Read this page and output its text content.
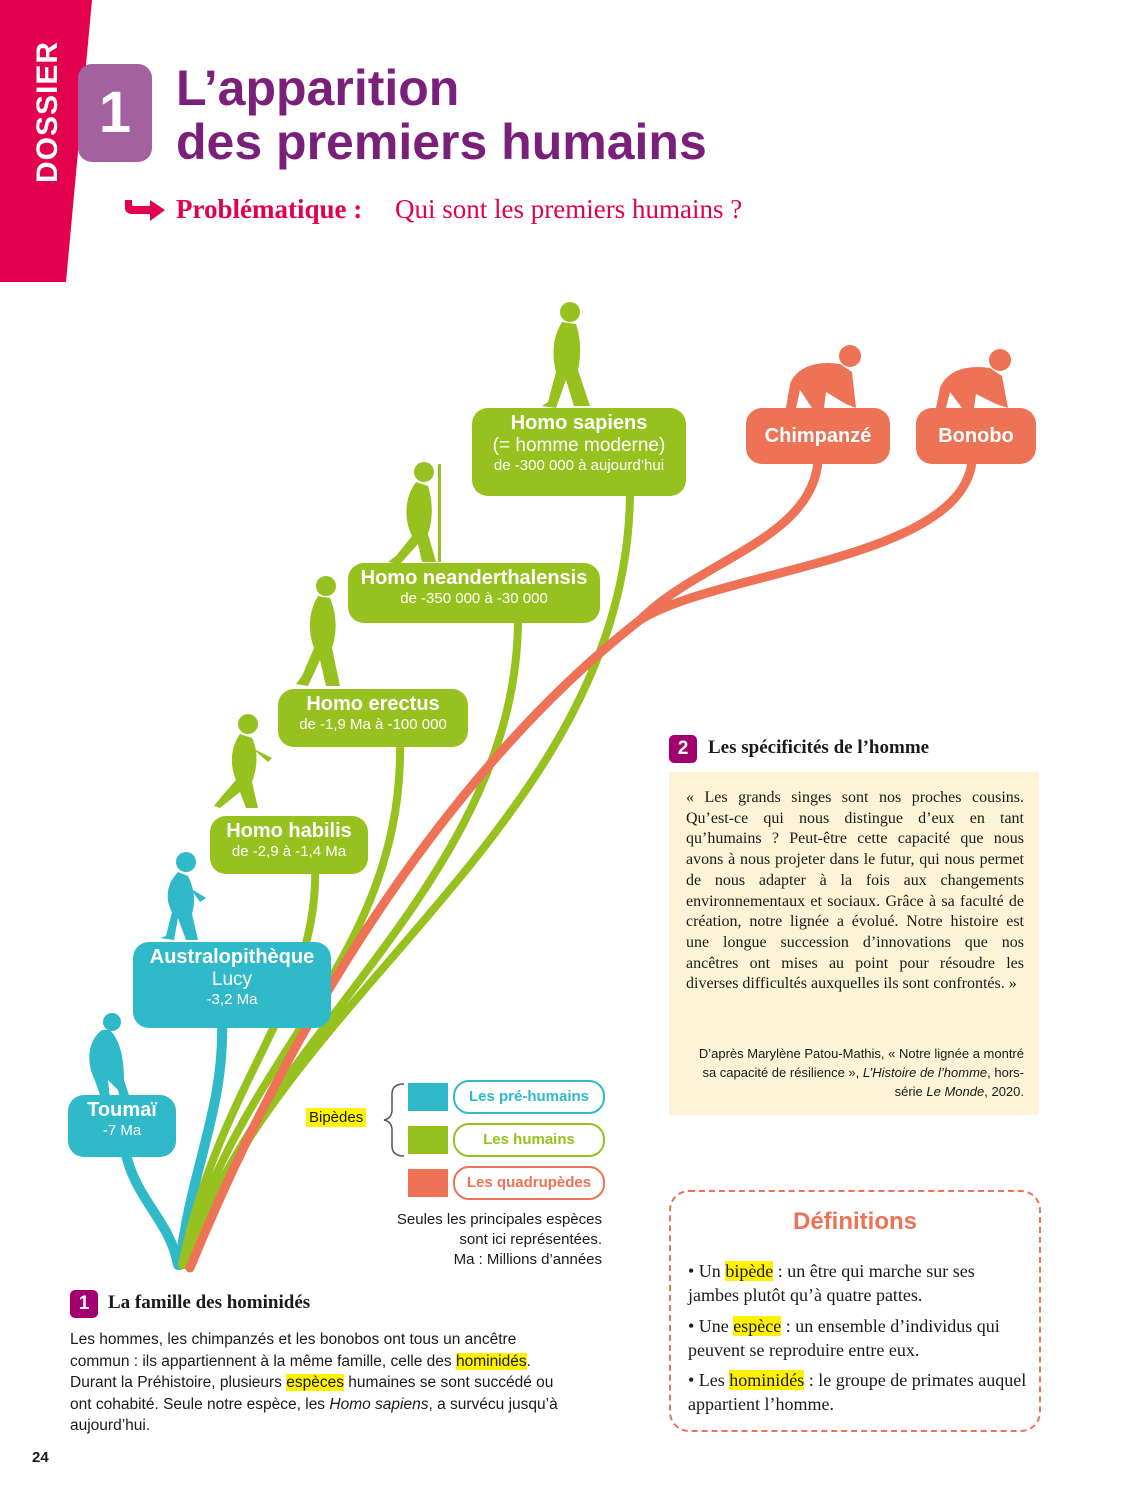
DOSSIER 1 L’apparition
des premiers humains
Problématique : Qui sont les premiers humains ?
Toumaï
-7 Ma
Australopithèque
Lucy
-3,2 Ma
Homo habilis
de -2,9 à -1,4 Ma
Homo erectus
de -1,9 Ma à -100 000
Homo neanderthalensis
de -350 000 à -30 000
Homo sapiens
(= homme moderne)
de -300 000 à aujourd’hui
Chimpanzé	Bonobo
Bipèdes
Les pré-humains
Les humains
Les quadrupèdes
Seules les principales espèces
sont ici représentées.
Ma : Millions d’années
2	Les spécificités de l’homme
« Les grands singes sont nos proches cousins. Qu’est-ce qui nous distingue d’eux en tant qu’humains ? Peut-être cette capacité que nous avons à nous projeter dans le futur, qui nous permet de nous adapter à la fois aux changements environnementaux et sociaux. Grâce à sa faculté de création, notre lignée a évolué. Notre histoire est une longue succession d’innovations que nos ancêtres ont mises au point pour résoudre les diverses difficultés auxquelles ils sont confrontés. »
D’après Marylène Patou-Mathis, « Notre lignée a montré sa capacité de résilience », L’Histoire de l’homme, hors-série Le Monde, 2020.
Définitions
• Un bipède : un être qui marche sur ses jambes plutôt qu’à quatre pattes.
• Une espèce : un ensemble d’individus qui peuvent se reproduire entre eux.
• Les hominidés : le groupe de primates auquel appartient l’homme.
1 La famille des hominidés
Les hommes, les chimpanzés et les bonobos ont tous un ancêtre commun : ils appartiennent à la même famille, celle des hominidés. Durant la Préhistoire, plusieurs espèces humaines se sont succédé ou ont cohabité. Seule notre espèce, les Homo sapiens, a survécu jusqu’à aujourd’hui.
24
